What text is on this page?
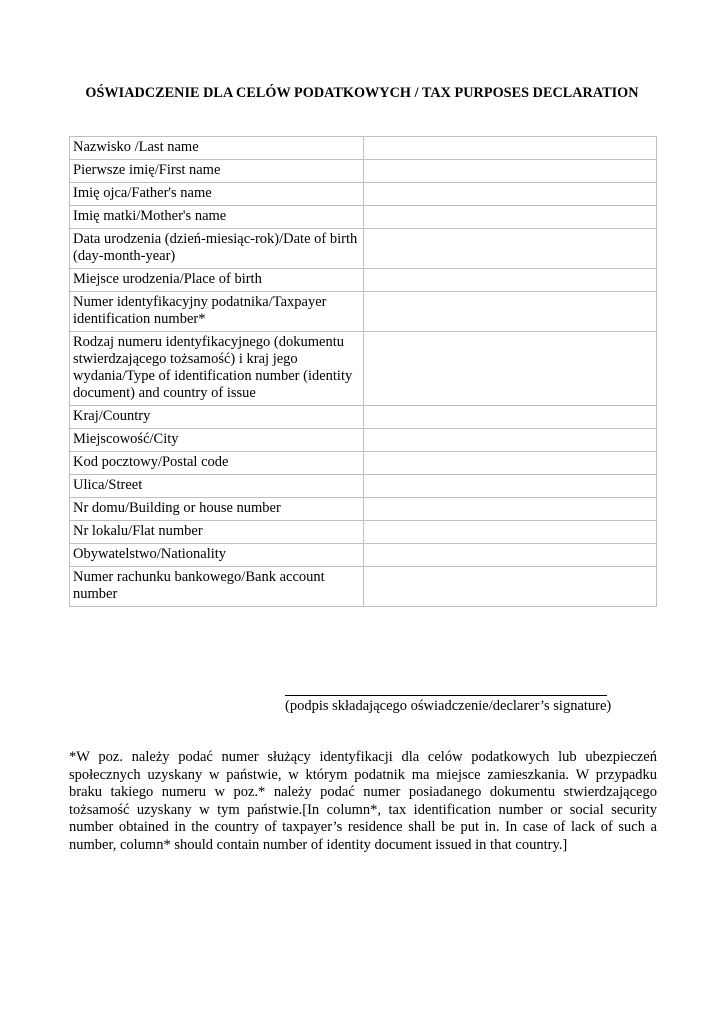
OŚWIADCZENIE DLA CELÓW PODATKOWYCH / TAX PURPOSES DECLARATION
Nazwisko /Last name	
Pierwsze imię/First name	
Imię ojca/Father's name	
Imię matki/Mother's name	
Data urodzenia (dzień-miesiąc-rok)/Date of birth (day-month-year)	
Miejsce urodzenia/Place of birth	
Numer identyfikacyjny podatnika/Taxpayer identification number*	
Rodzaj numeru identyfikacyjnego (dokumentu stwierdzającego tożsamość) i kraj jego wydania/Type of identification number (identity document) and country of issue	
Kraj/Country	
Miejscowość/City	
Kod pocztowy/Postal code	
Ulica/Street	
Nr domu/Building or house number	
Nr lokalu/Flat number	
Obywatelstwo/Nationality	
Numer rachunku bankowego/Bank account number	
(podpis składającego oświadczenie/declarer’s signature)
*W poz. należy podać numer służący identyfikacji dla celów podatkowych lub ubezpieczeń społecznych uzyskany w państwie, w którym podatnik ma miejsce zamieszkania. W przypadku braku takiego numeru w poz.* należy podać numer posiadanego dokumentu stwierdzającego tożsamość uzyskany w tym państwie.[In column*, tax identification number or social security number obtained in the country of taxpayer’s residence shall be put in. In case of lack of such a number, column* should contain number of identity document issued in that country.]
